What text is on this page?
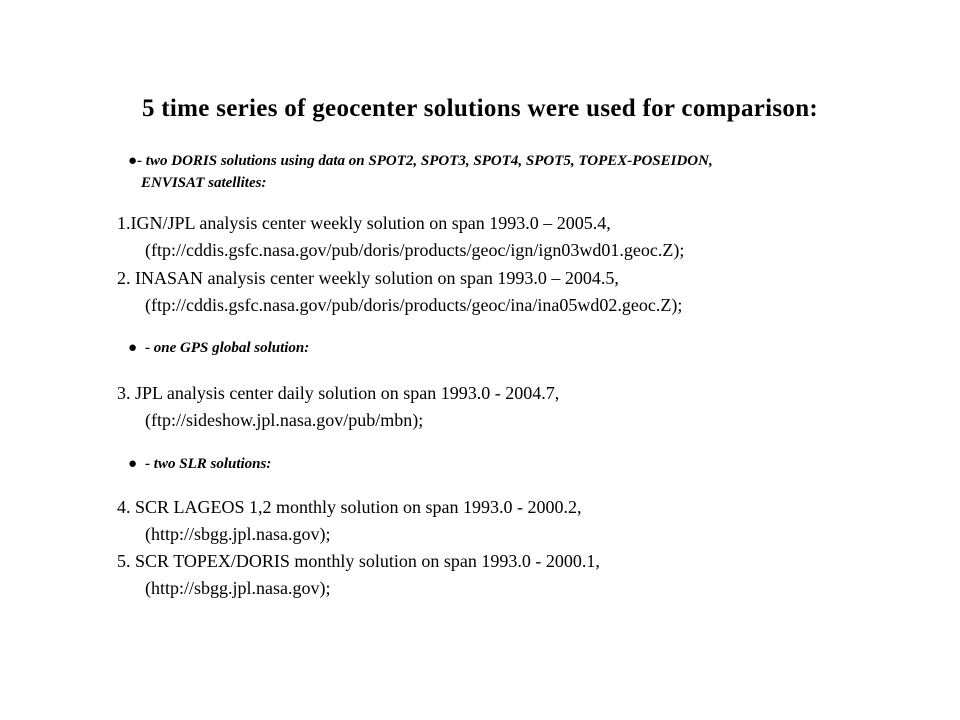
5 time series of geocenter solutions were used for comparison:
●- two DORIS solutions using data on SPOT2, SPOT3, SPOT4, SPOT5, TOPEX-POSEIDON,
ENVISAT satellites:
1.IGN/JPL analysis center weekly solution on span 1993.0 – 2005.4,
(ftp://cddis.gsfc.nasa.gov/pub/doris/products/geoc/ign/ign03wd01.geoc.Z);
2. INASAN analysis center weekly solution on span 1993.0 – 2004.5,
(ftp://cddis.gsfc.nasa.gov/pub/doris/products/geoc/ina/ina05wd02.geoc.Z);
● - one GPS global solution:
3. JPL analysis center daily solution on span 1993.0 - 2004.7,
(ftp://sideshow.jpl.nasa.gov/pub/mbn);
● - two SLR solutions:
4. SCR LAGEOS 1,2 monthly solution on span 1993.0 - 2000.2,
(http://sbgg.jpl.nasa.gov);
5. SCR TOPEX/DORIS monthly solution on span 1993.0 - 2000.1,
(http://sbgg.jpl.nasa.gov);
